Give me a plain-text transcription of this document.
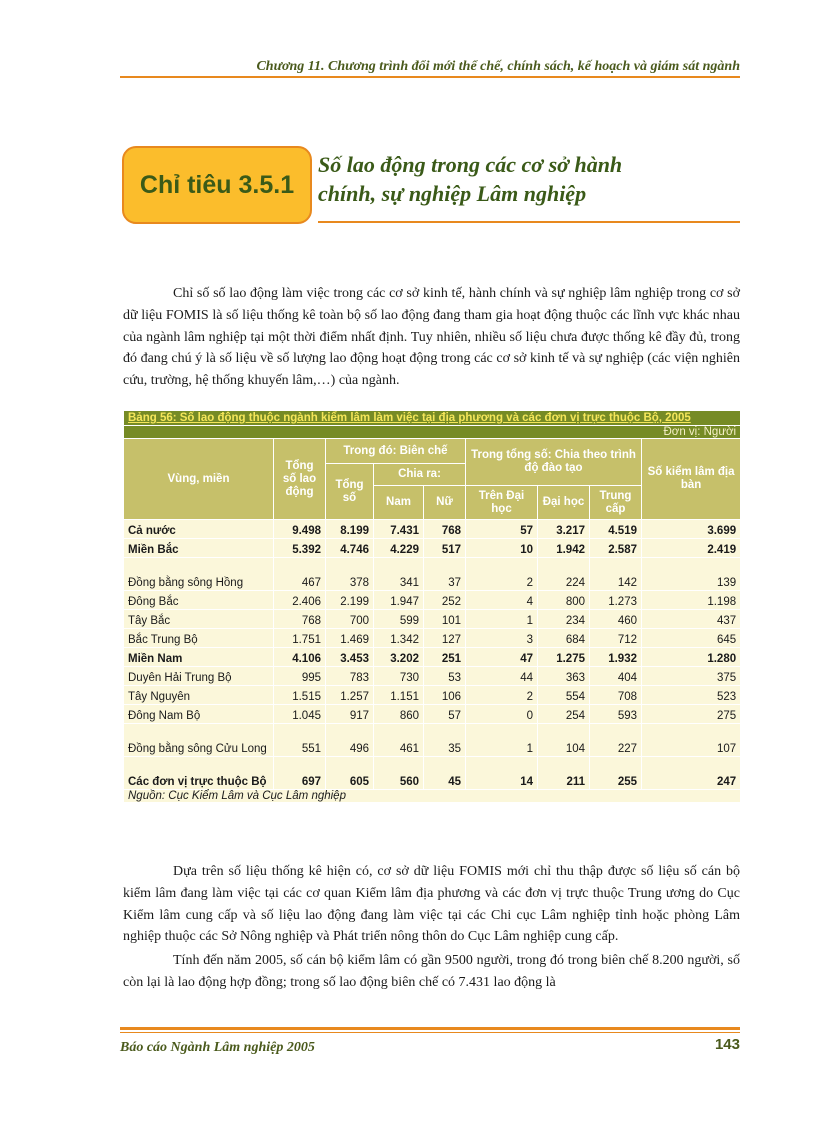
Chương 11. Chương trình đổi mới thể chế, chính sách, kế hoạch và giám sát ngành
Chỉ tiêu 3.5.1
Số lao động trong các cơ sở hành
chính, sự nghiệp Lâm nghiệp

Chỉ số số lao động làm việc trong các cơ sở kinh tế, hành chính và sự nghiệp lâm nghiệp trong cơ sở dữ liệu FOMIS là số liệu thống kê toàn bộ số lao động đang tham gia hoạt động thuộc các lĩnh vực khác nhau của ngành lâm nghiệp tại một thời điểm nhất định. Tuy nhiên, nhiều số liệu chưa được thống kê đầy đủ, trong đó đang chú ý là số liệu về số lượng lao động hoạt động trong các cơ sở kinh tế và sự nghiệp (các viện nghiên cứu, trường, hệ thống khuyến lâm,…) của ngành.

Bảng 56: Số lao động thuộc ngành kiểm lâm làm việc tại địa phương và các đơn vị trực thuộc Bộ, 2005								
Đơn vị: Người								
Vùng, miền	Tổng số lao động	Trong đó: Biên chế			Trong tổng số: Chia theo trình độ đào tạo			Số kiểm lâm địa bàn
		Tổng số	Chia ra:					
			Nam	Nữ	Trên Đại học	Đại học	Trung cấp	
Cả nước	9.498	8.199	7.431	768	57	3.217	4.519	3.699
Miền Bắc	5.392	4.746	4.229	517	10	1.942	2.587	2.419
Đồng bằng sông Hồng	467	378	341	37	2	224	142	139
Đông Bắc	2.406	2.199	1.947	252	4	800	1.273	1.198
Tây Bắc	768	700	599	101	1	234	460	437
Bắc Trung Bộ	1.751	1.469	1.342	127	3	684	712	645
Miền Nam	4.106	3.453	3.202	251	47	1.275	1.932	1.280
Duyên Hải Trung Bộ	995	783	730	53	44	363	404	375
Tây Nguyên	1.515	1.257	1.151	106	2	554	708	523
Đông Nam Bộ	1.045	917	860	57	0	254	593	275
Đồng bằng sông Cửu Long	551	496	461	35	1	104	227	107
Các đơn vị trực thuộc Bộ	697	605	560	45	14	211	255	247
Nguồn: Cục Kiểm Lâm và Cục Lâm nghiệp								

Dựa trên số liệu thống kê hiện có, cơ sở dữ liệu FOMIS mới chỉ thu thập được số liệu số cán bộ kiểm lâm đang làm việc tại các cơ quan Kiểm lâm địa phương và các đơn vị trực thuộc Trung ương do Cục Kiểm lâm cung cấp và số liệu lao động đang làm việc tại các Chi cục Lâm nghiệp tỉnh hoặc phòng Lâm nghiệp thuộc các Sở Nông nghiệp và Phát triển nông thôn do Cục Lâm nghiệp cung cấp.

Tính đến năm 2005, số cán bộ kiểm lâm có gần 9500 người, trong đó trong biên chế 8.200 người, số còn lại là lao động hợp đồng; trong số lao động biên chế có 7.431 lao động là

Báo cáo Ngành Lâm nghiệp 2005	143
